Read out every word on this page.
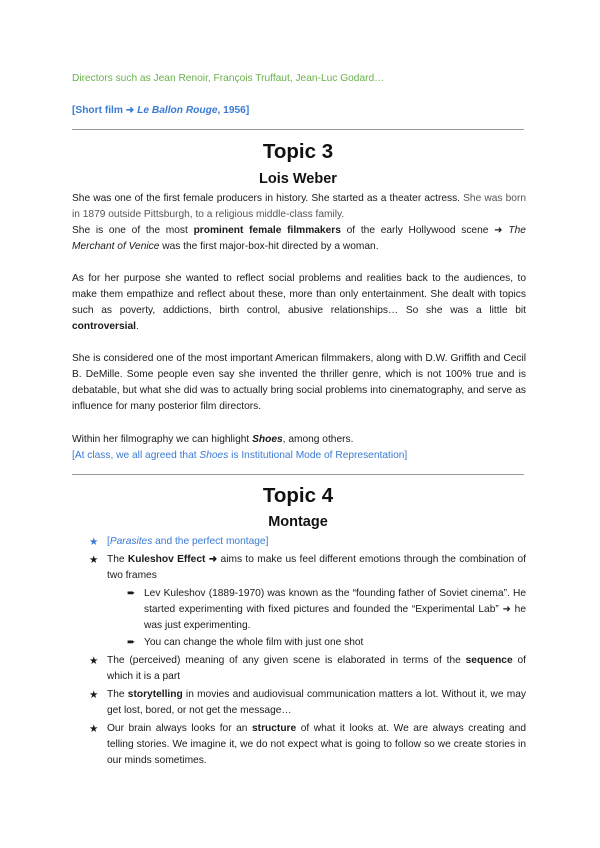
Directors such as Jean Renoir, François Truffaut, Jean-Luc Godard…
[Short film ➜ Le Ballon Rouge, 1956]
Topic 3
Lois Weber
She was one of the first female producers in history. She started as a theater actress. She was born in 1879 outside Pittsburgh, to a religious middle-class family.
She is one of the most prominent female filmmakers of the early Hollywood scene ➜ The Merchant of Venice was the first major-box-hit directed by a woman.
As for her purpose she wanted to reflect social problems and realities back to the audiences, to make them empathize and reflect about these, more than only entertainment. She dealt with topics such as poverty, addictions, birth control, abusive relationships… So she was a little bit controversial.
She is considered one of the most important American filmmakers, along with D.W. Griffith and Cecil B. DeMille. Some people even say she invented the thriller genre, which is not 100% true and is debatable, but what she did was to actually bring social problems into cinematography, and serve as influence for many posterior film directors.
Within her filmography we can highlight Shoes, among others.
[At class, we all agreed that Shoes is Institutional Mode of Representation]
Topic 4
Montage
★ [Parasites and the perfect montage]
★ The Kuleshov Effect ➜ aims to make us feel different emotions through the combination of two frames
➨ Lev Kuleshov (1889-1970) was known as the “founding father of Soviet cinema”. He started experimenting with fixed pictures and founded the “Experimental Lab” ➜ he was just experimenting.
➨ You can change the whole film with just one shot
★ The (perceived) meaning of any given scene is elaborated in terms of the sequence of which it is a part
★ The storytelling in movies and audiovisual communication matters a lot. Without it, we may get lost, bored, or not get the message…
★ Our brain always looks for an structure of what it looks at. We are always creating and telling stories. We imagine it, we do not expect what is going to follow so we create stories in our minds sometimes.
